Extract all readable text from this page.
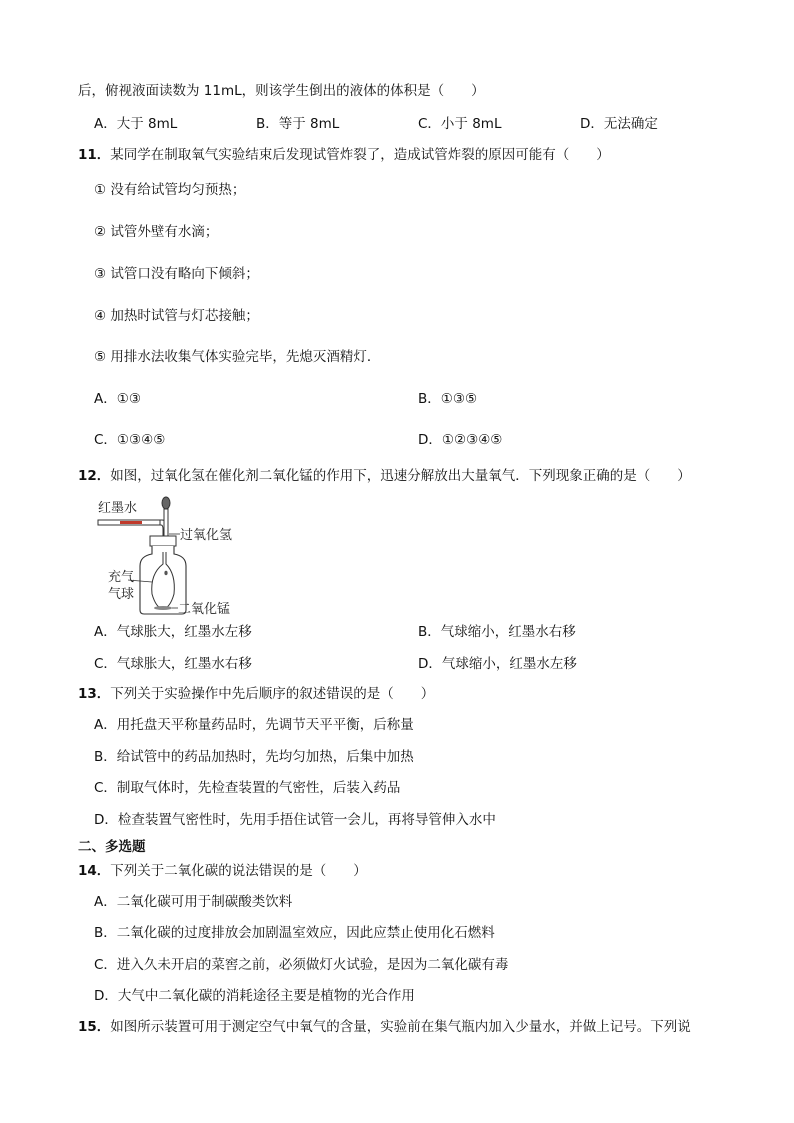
后，俯视液面读数为 11mL，则该学生倒出的液体的体积是（　　）
A．大于 8mL	B．等于 8mL	C．小于 8mL	D．无法确定
11．某同学在制取氧气实验结束后发现试管炸裂了，造成试管炸裂的原因可能有（　　）
① 没有给试管均匀预热；
② 试管外壁有水滴；
③ 试管口没有略向下倾斜；
④ 加热时试管与灯芯接触；
⑤ 用排水法收集气体实验完毕，先熄灭酒精灯．
A．①③	B．①③⑤
C．①③④⑤	D．①②③④⑤
12．如图，过氧化氢在催化剂二氧化锰的作用下，迅速分解放出大量氧气．下列现象正确的是（　　）
红墨水
过氧化氢
充气
气球
二氧化锰
A．气球胀大，红墨水左移	B．气球缩小，红墨水右移
C．气球胀大，红墨水右移	D．气球缩小，红墨水左移
13．下列关于实验操作中先后顺序的叙述错误的是（　　）
A．用托盘天平称量药品时，先调节天平平衡，后称量
B．给试管中的药品加热时，先均匀加热，后集中加热
C．制取气体时，先检查装置的气密性，后装入药品
D．检查装置气密性时，先用手捂住试管一会儿，再将导管伸入水中
二、多选题
14．下列关于二氧化碳的说法错误的是（　　）
A．二氧化碳可用于制碳酸类饮料
B．二氧化碳的过度排放会加剧温室效应，因此应禁止使用化石燃料
C．进入久未开启的菜窖之前，必须做灯火试验，是因为二氧化碳有毒
D．大气中二氧化碳的消耗途径主要是植物的光合作用
15．如图所示装置可用于测定空气中氧气的含量，实验前在集气瓶内加入少量水，并做上记号。下列说
